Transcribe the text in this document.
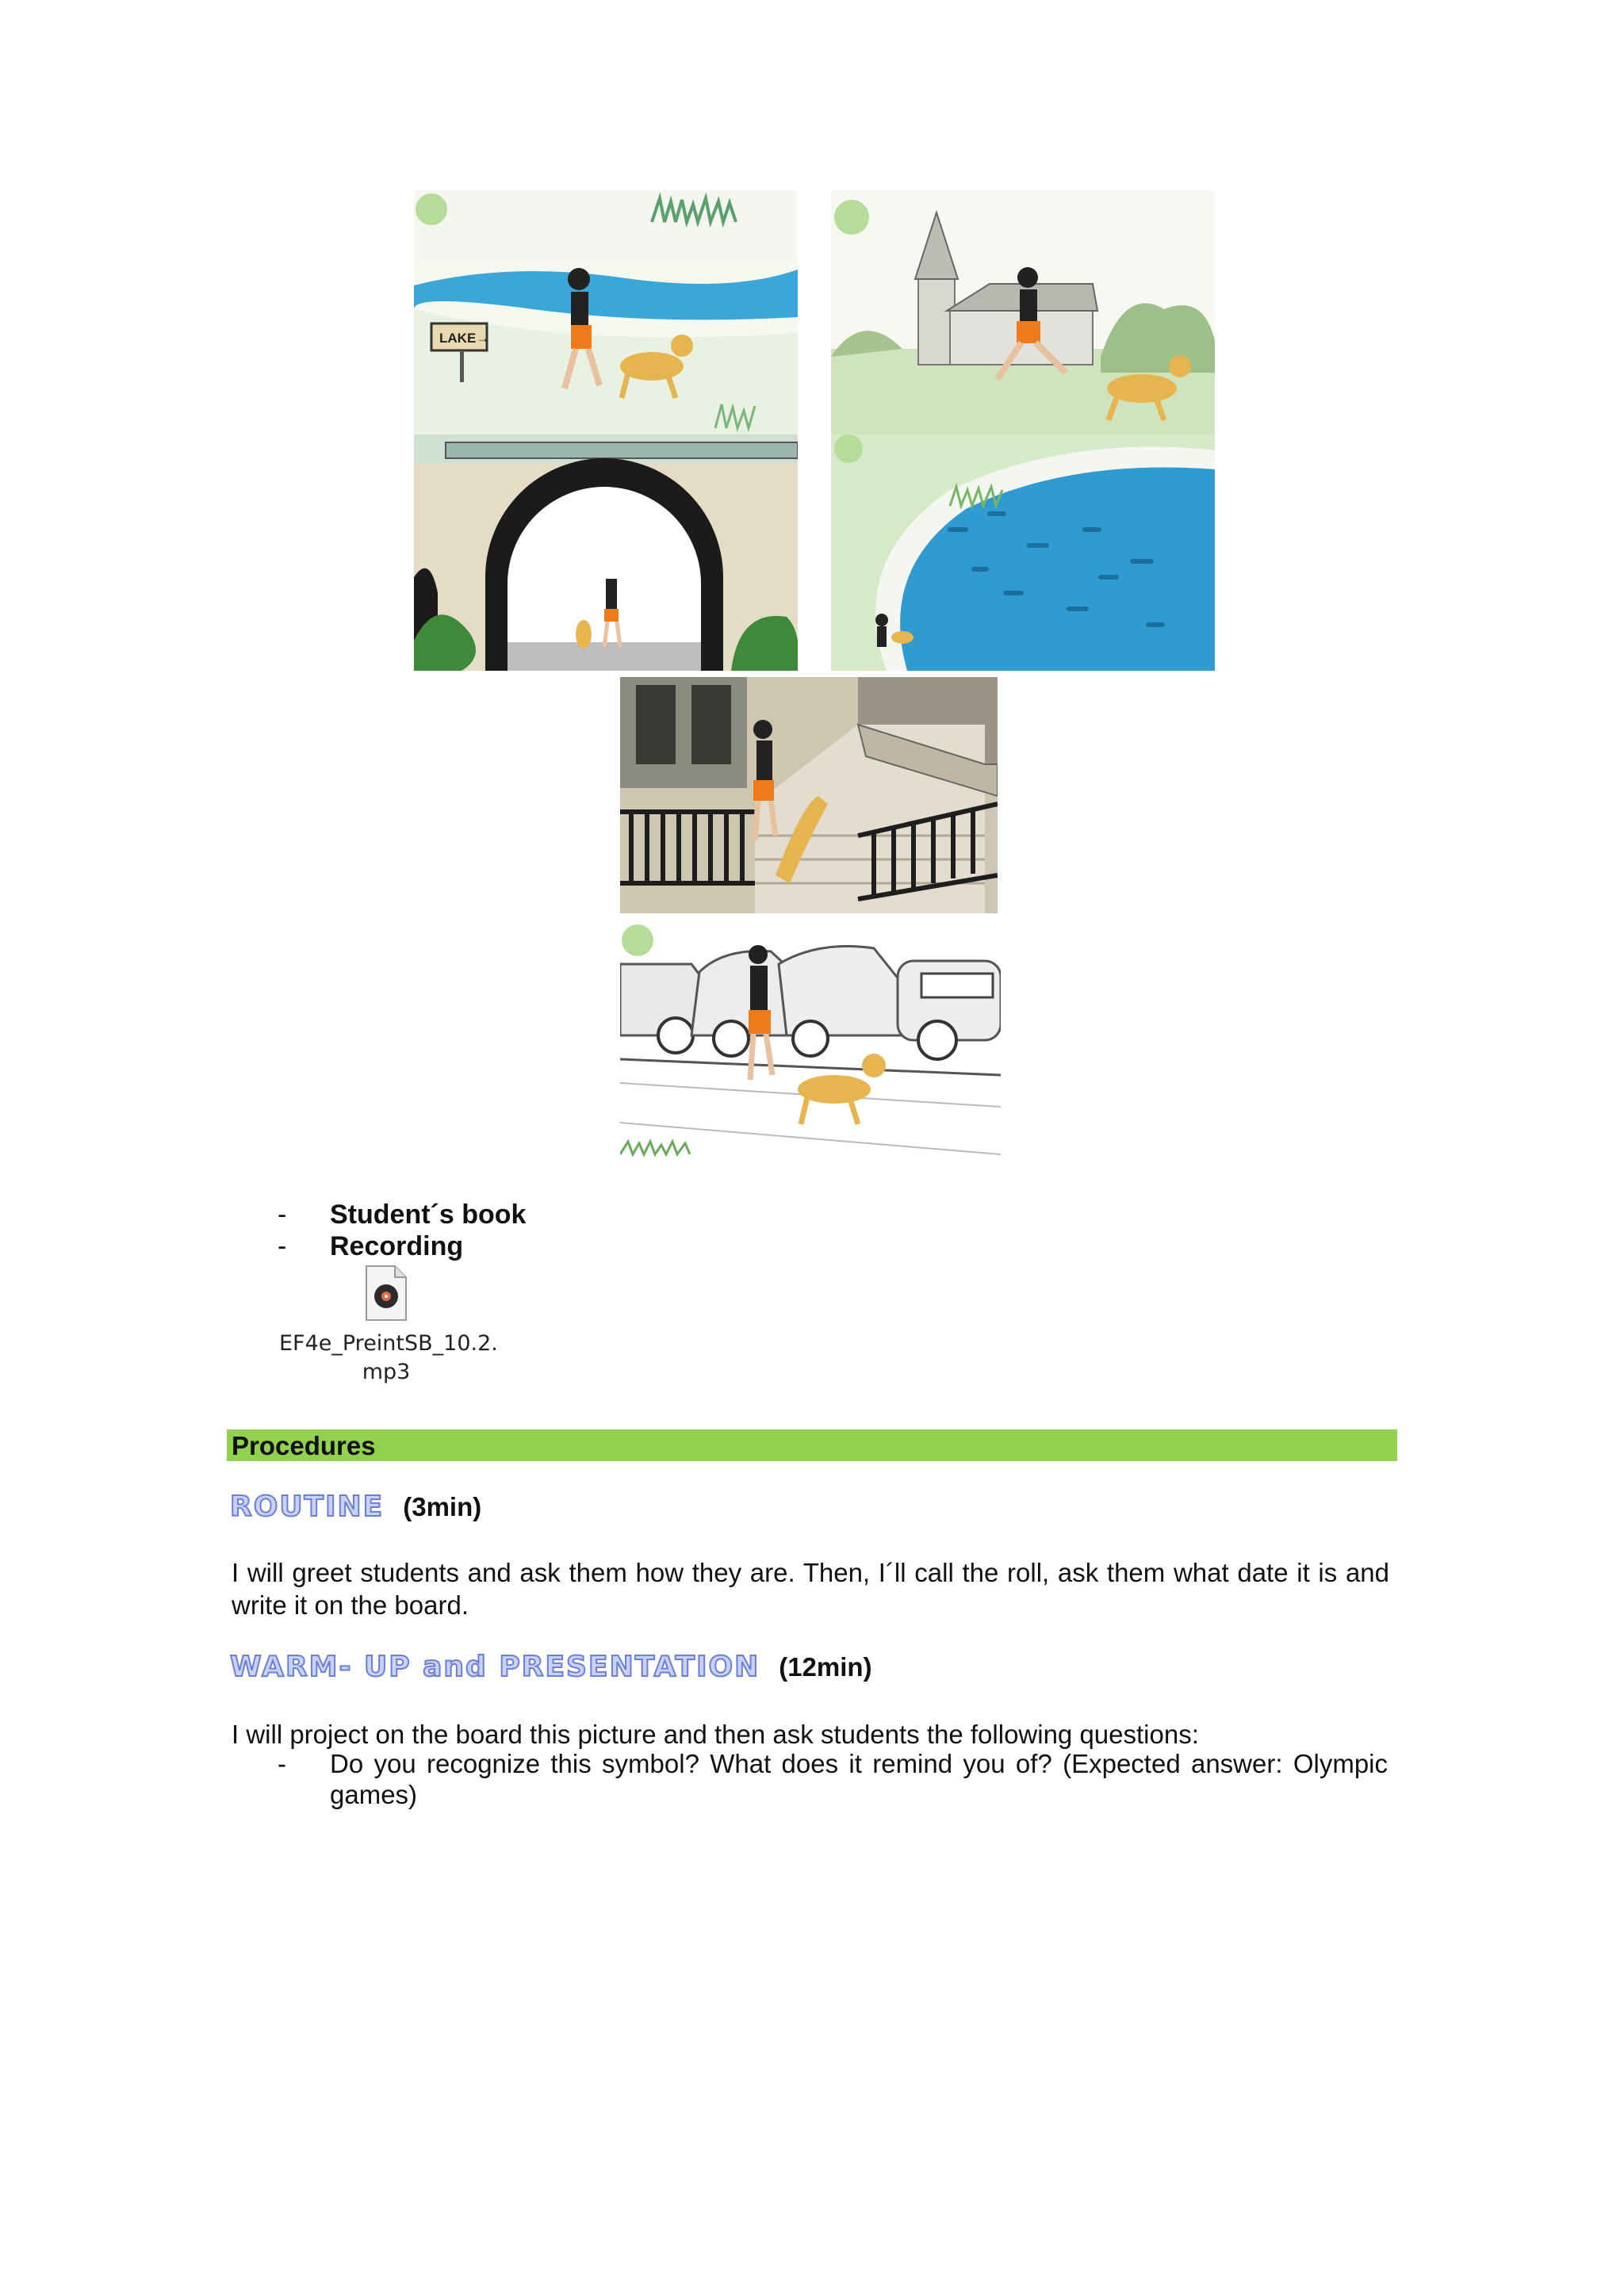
LAKE→
-	Student´s book
-	Recording
EF4e_PreintSB_10.2.
mp3
Procedures
ROUTINE (3min)
I will greet students and ask them how they are. Then, I´ll call the roll, ask them what date it is and write it on the board.
WARM- UP and PRESENTATION (12min)
I will project on the board this picture and then ask students the following questions:
-	Do you recognize this symbol? What does it remind you of? (Expected answer: Olympic games)
